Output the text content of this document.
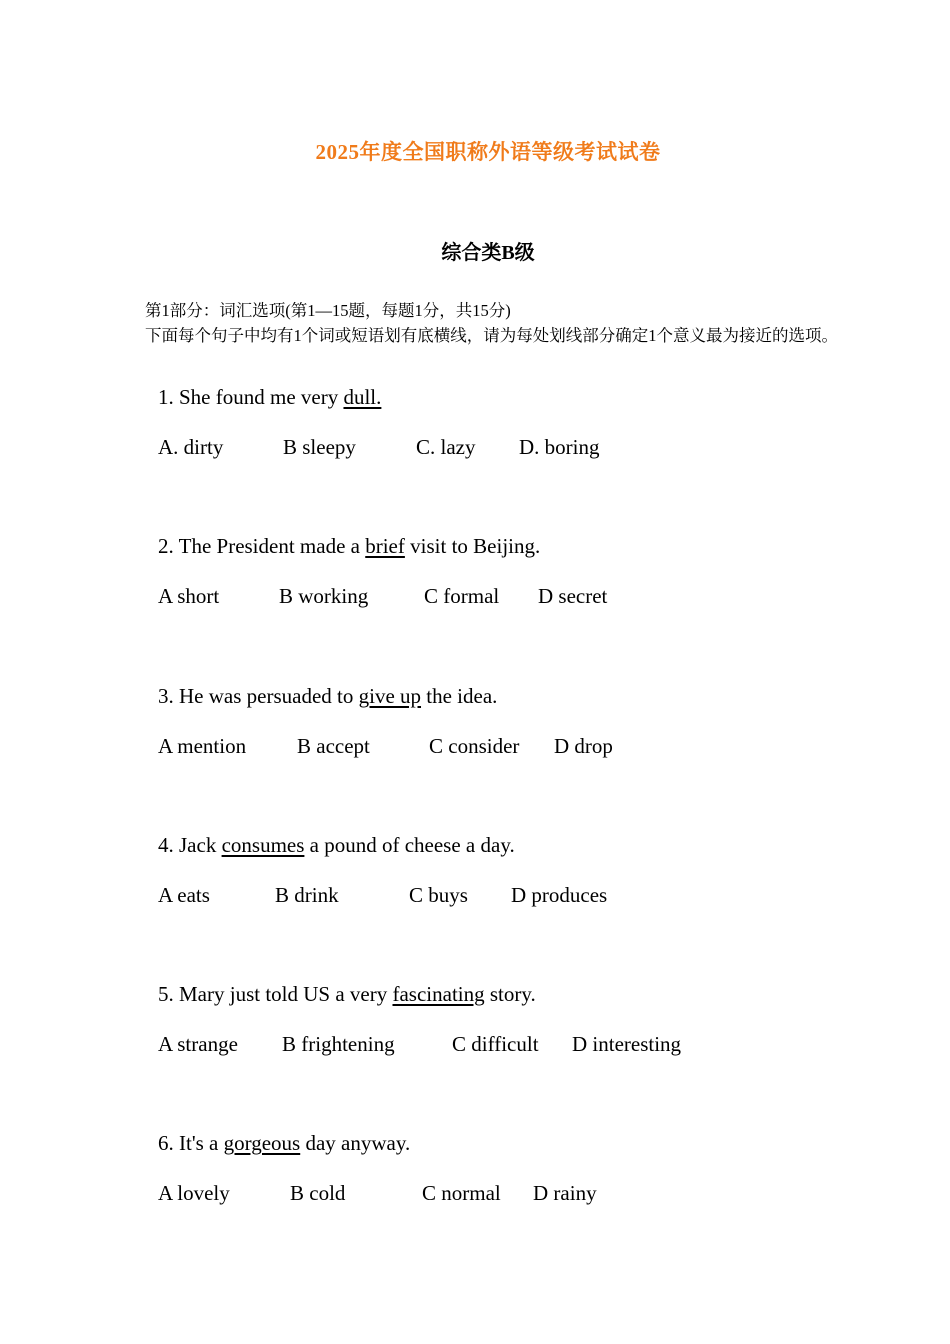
2025年度全国职称外语等级考试试卷
综合类B级
第1部分：词汇选项(第1—15题，每题1分，共15分)
下面每个句子中均有1个词或短语划有底横线，请为每处划线部分确定1个意义最为接近的选项。
1. She found me very dull.
A. dirty	B sleepy	C. lazy D. boring
2. The President made a brief visit to Beijing.
A short	B working	C formal D secret
3. He was persuaded to give up the idea.
A mention B accept	C consider D drop
4. Jack consumes a pound of cheese a day.
A eats	B drink	C buys D produces
5. Mary just told US a very fascinating story.
A strange B frightening	C difficult D interesting
6. It's a gorgeous day anyway.
A lovely	B cold	C normal D rainy
